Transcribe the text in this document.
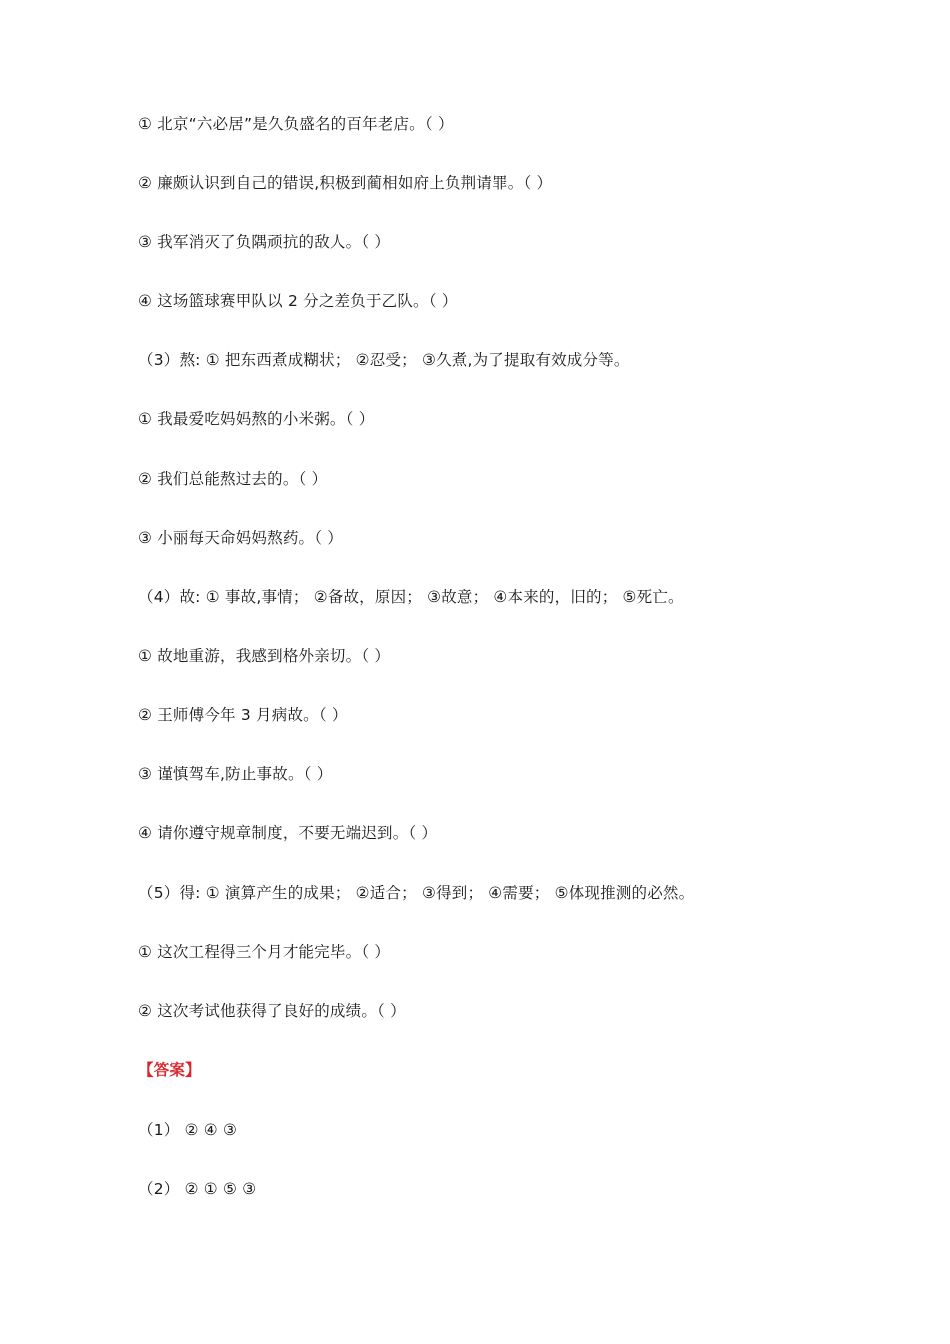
① 北京“六必居”是久负盛名的百年老店。（ ）
② 廉颇认识到自己的错误,积极到蔺相如府上负荆请罪。（ ）
③ 我军消灭了负隅顽抗的敌人。（ ）
④ 这场篮球赛甲队以 2 分之差负于乙队。（ ）
（3）熬: ① 把东西煮成糊状； ②忍受； ③久煮,为了提取有效成分等。
① 我最爱吃妈妈熬的小米粥。（ ）
② 我们总能熬过去的。（ ）
③ 小丽每天命妈妈熬药。（ ）
（4）故: ① 事故,事情； ②备故，原因； ③故意； ④本来的，旧的； ⑤死亡。
① 故地重游，我感到格外亲切。（ ）
② 王师傅今年 3 月病故。（ ）
③ 谨慎驾车,防止事故。（ ）
④ 请你遵守规章制度，不要无端迟到。（ ）
（5）得: ① 演算产生的成果； ②适合； ③得到； ④需要； ⑤体现推测的必然。
① 这次工程得三个月才能完毕。（ ）
② 这次考试他获得了良好的成绩。（ ）
【答案】
（1） ② ④ ③
（2） ② ① ⑤ ③
